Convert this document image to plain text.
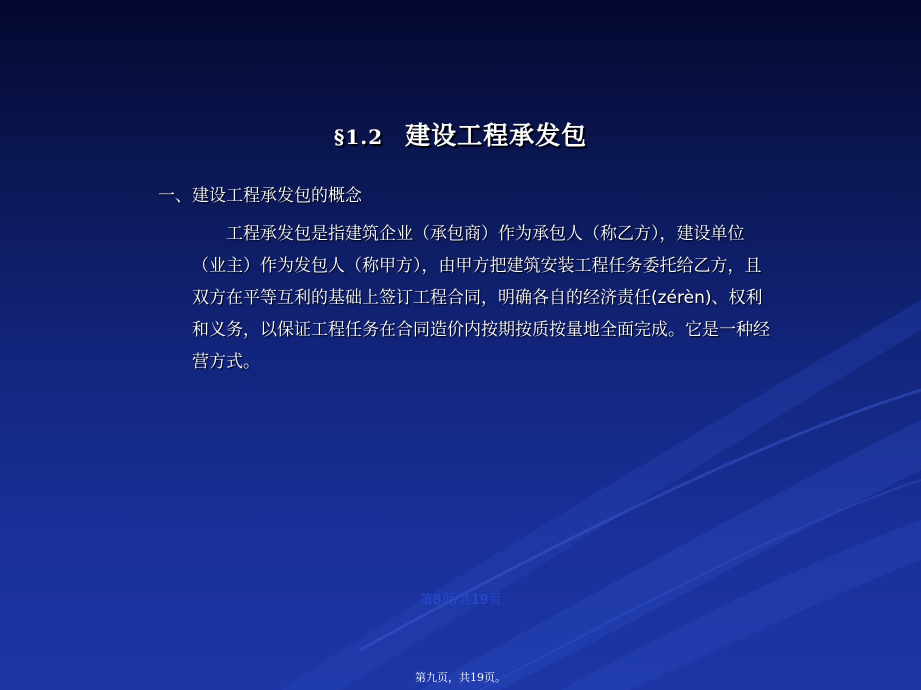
§1.2 建设工程承发包
一、建设工程承发包的概念

工程承发包是指建筑企业（承包商）作为承包人（称乙方），建设单位（业主）作为发包人（称甲方），由甲方把建筑安装工程任务委托给乙方，且双方在平等互利的基础上签订工程合同，明确各自的经济责任(zérèn)、权利和义务，以保证工程任务在合同造价内按期按质按量地全面完成。它是一种经营方式。

第8页/共19页
第九页，共19页。
